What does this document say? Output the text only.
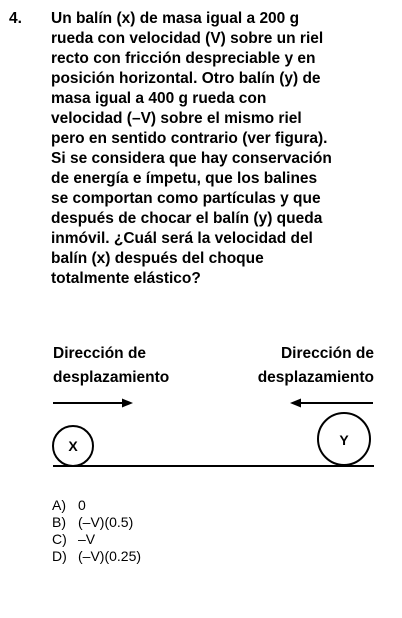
4. Un balín (x) de masa igual a 200 g
rueda con velocidad (V) sobre un riel
recto con fricción despreciable y en
posición horizontal. Otro balín (y) de
masa igual a 400 g rueda con
velocidad (–V) sobre el mismo riel
pero en sentido contrario (ver figura).
Si se considera que hay conservación
de energía e ímpetu, que los balines
se comportan como partículas y que
después de chocar el balín (y) queda
inmóvil. ¿Cuál será la velocidad del
balín (x) después del choque
totalmente elástico?

Dirección de
desplazamiento
Dirección de
desplazamiento
X	Y
A) 0
B) (–V)(0.5)
C) –V
D) (–V)(0.25)
